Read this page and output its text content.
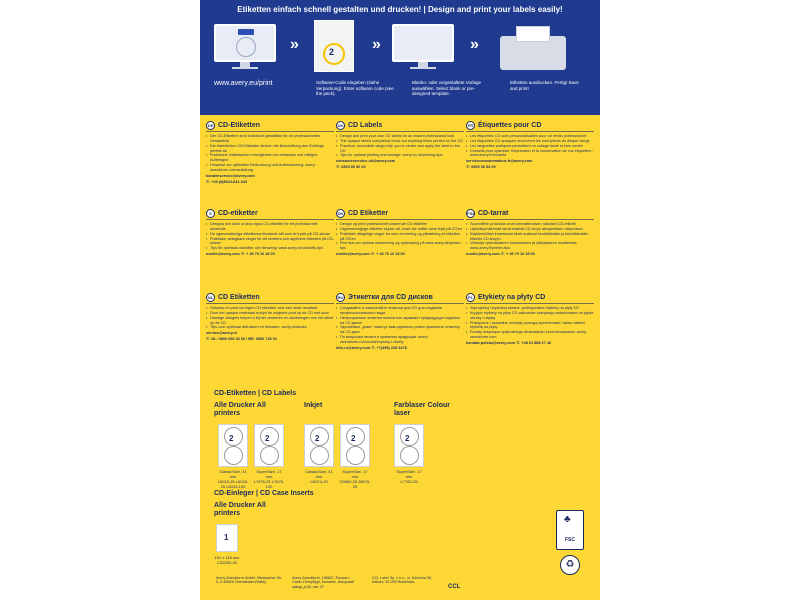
Etiketten einfach schnell gestalten und drucken! | Design and print your labels easily!
»	2 »	»
www.avery.eu/print	Software-Code eingeben (siehe Verpackung). Enter software code (see the pack).
Blanko- oder vorgestaltete Vorlage auswählen. Select blank or pre-designed template.
Etiketten ausdrucken. Fertig! Save and print!
DE CD-Etiketten
• Der CD-Etiketten sind individuell gestaltbar für ein professionelles Gesamtbild
• Die blickdichten CD-Etiketten decken die Beschriftung des Rohlings perfekt ab
• Praktische Haltelaschen ermöglichen ein einfaches und mittiges Aufbringen
• Hinweise zur optimalen Bedruckung und Aufbewahrung: avery-zweckform.com/anleitung
kundenservice@avery.com
✆: +49 (0)8024-641-343
UK CD Labels
• Design and print your own CD labels for an instant professional look
• The opaque labels completely block out anything that's printed on the CD
• Practical, removable wings help you to centre and apply the label to the CD
• Tips for optimal printing and storage: avery.co.uk/printing-tips
consumerservice-uk@avery.com
✆: 0800 80 50 20
FR Étiquettes pour CD
• Les étiquettes CD sont personnalisables pour un rendu professionnel
• Les étiquettes CD opaques recouvrent les inscriptions du disque vierge
• Les languettes pratiques permettent un collage facile et bien centré
• Conseils pour optimiser l'impression et la conservation de vos étiquettes : www.avery.fr/conseils
serviceconsommateur-fr@avery.com
✆: 0800 36 54 09
S CD-etiketter
• Designa och skriv ut dina egna CD-etiketter för ett professionellt utseende
• De ogenomskinliga etiketterna blockerar allt som är tryckt på CD-skivan
• Praktiska, avtagbara vingar för att centrera och applicera etiketten på CD-skivan
• Tips för optimala utskrifter och förvaring: www.avery.se/utskrifts-tips
nordic@avery.com ✆: + 45 70 10 18 00
DK CD Etiketter
• Design og print professionelt udseende CD etiketter
• Uigennemsigtige etiketter skjuler alt, hvad der måtte være trykt på CD'en
• Praktiske aftagelige vinger for nem centrering og påsætning af etiketten på CD'en
• Find tips om optimal udskrivning og opbevaring på www.avery.dk/printer-tips
nordic@avery.com ✆: + 45 70 10 18 00
FIN CD-tarrat
• Suunnittele ja tulosta omat ammattimaisen näköiset CD-etiketit
• Läpinäkymättömät tarrat estävät CD-levyn alkuperäisen näkymisen
• Käytännölliset irrotettavat siivet auttavat keskittämään ja kiinnittämään etiketin CD-levyyn
• Vinkkejä optimaaliseen tulostukseen ja säilytykseen osoitteesta: www.avery.fi/printer-tips
nordic@avery.com ✆: + 45 70 10 18 00
NL CD Etiketten
• Ontwerp en print uw eigen CD etiketten voor een strak resultaat
• Door het opaque materiaal schijnt de originele print op de CD niet door
• Handige vleugels helpen u bij het centreren en aanbrengen van het etiket op de CD
• Tips voor optimaal afdrukken en bewaren: avery.nl/advies
service@avery.nl
✆: NL: 0800 099 33 90 / BE: 0800 725 01
RU Этикетки для CD дисков
• Создавайте и напечатайте этикетки для CD для создания профессионального вида
• Непрозрачные этикетки полностью скрывают предыдущую надпись на CD диске
• Удаляемые „ушки“ помогут вам идеально ровно приклеить этикетку на CD диск
• По вопросам печати и хранения продукции: avery-zweckform.ru/novosti/voprosy-i-otvety
info-ru@avery.com ✆: +7(495) 228 3478
PL Etykiety na płyty CD
• Zaprojektuj i wydrukuj własne, profesjonalne etykiety na płyty CD
• Kryjące etykiety na płyty CD całkowicie zakrywają nadrukowane na płycie obrazy i napisy
• Praktyczne i usuwalne uchwyty pomogą wycentrować i łatwo nakleić etykietę na płytę
• Porady dotyczące optymalnego drukowania i przechowywania: avery-zweckform.com
kontakt-polska@avery.com ✆: +48 61 888 27 46
CD-Etiketten | CD Labels
Alle Drucker All printers
Inkjet	Farblaser Colour laser
2
ClassicSize, 41 mm
L6015-25 L6043-25 L6043-100
2
SuperSize, 17 mm
L7676-25 L7676-100
2
ClassicSize, 41 mm
C6074-20
2
SuperSize, 17 mm
C9660-25 J8676-25
2
SuperSize, 17 mm
L7760-25
CD-Einleger | CD Case Inserts
Alle Drucker All printers
1
151 x 118 mm
C32250-25
♣
FSC
♻
Avery Zweckform GmbH, Miesbacher Str. 5, D-83626 Oberlaindern/Valley
Avery Zweckform, 196607, Россия г. Санкт-Петербург, Колпино, Ижорский завод, д.38, лит. 37
CCL Label Sp. z o.o., ul. Kórnicka 38, Kaliszc, 62-090 Rokietnica
CCL
